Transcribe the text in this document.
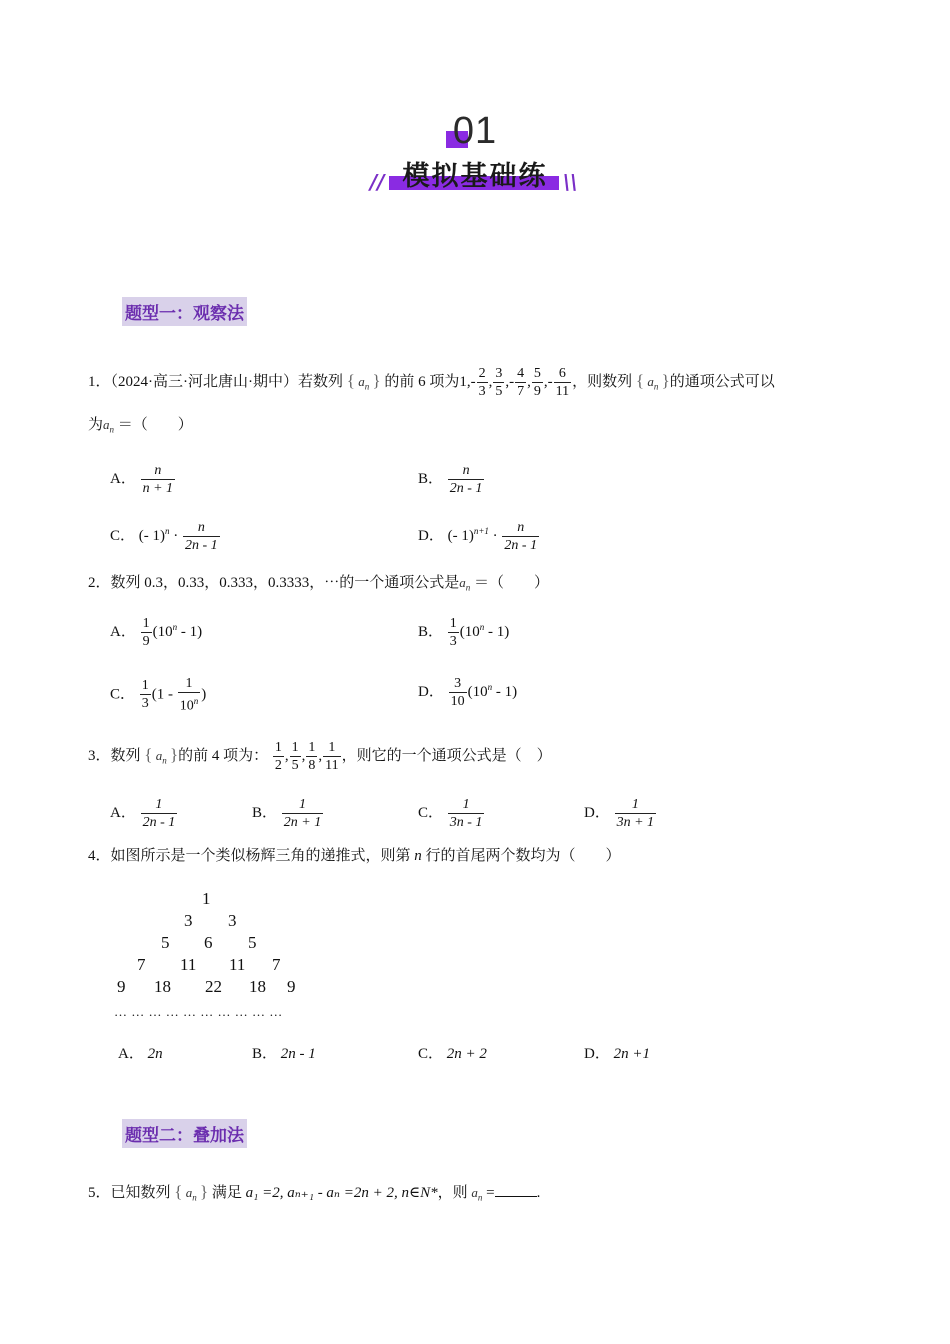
01
模拟基础练
//	\\
题型一：观察法
1．（2024·高三·河北唐山·期中）若数列 { $a_n$ } 的前 6 项为$1,- \frac{2}{3}$ , $\frac{3}{5}$ ,- $\frac{4}{7}$ , $\frac{5}{9}$ ,- $\frac{6}{11}$ ，则数列 { $a_n$ }的通项公式可以
为$a_n$ ＝（　　）
A． $\frac{n}{n + 1}$	B． $\frac{n}{2n - 1}$
C． (- $1)^n \cdot \frac{n}{2n - 1}$	D． (- $1)^{n+1} \cdot \frac{n}{2n - 1}$
2．数列 0.3，0.33，0.333，0.3333，⋯的一个通项公式是$a_n$ ＝（　　）
A． $\frac{1}{9} (10^n - 1)$	B． $\frac{1}{3} (10^n - 1)$
C． $\frac{1}{3} (1 - \frac{1}{10^n}$ )	D． $\frac{3}{10} (10^n - 1)$
3．数列 { $a_n$ }的前 4 项为： $\frac{1}{2}$ , $\frac{1}{5}$ , $\frac{1}{8}$ , $\frac{1}{11}$ ，则它的一个通项公式是（　）
A． $\frac{1}{2n - 1}$	B． $\frac{1}{2n + 1}$	C． $\frac{1}{3n - 1}$	D． $\frac{1}{3n + 1}$
4．如图所示是一个类似杨辉三角的递推式，则第 n 行的首尾两个数均为（　　）
1
3 3
5 6 5
7 11 11 7
9 18 22 18 9
… … … … … … … … … …
A． 2n	B． 2n - 1	C． 2n + 2	D． 2n +1
题型二：叠加法
5．已知数列 { $a_n$ } 满足 a₁ =2, aₙ₊₁ - aₙ =2n + 2, n∈N*，则 $a_n$ =	.
